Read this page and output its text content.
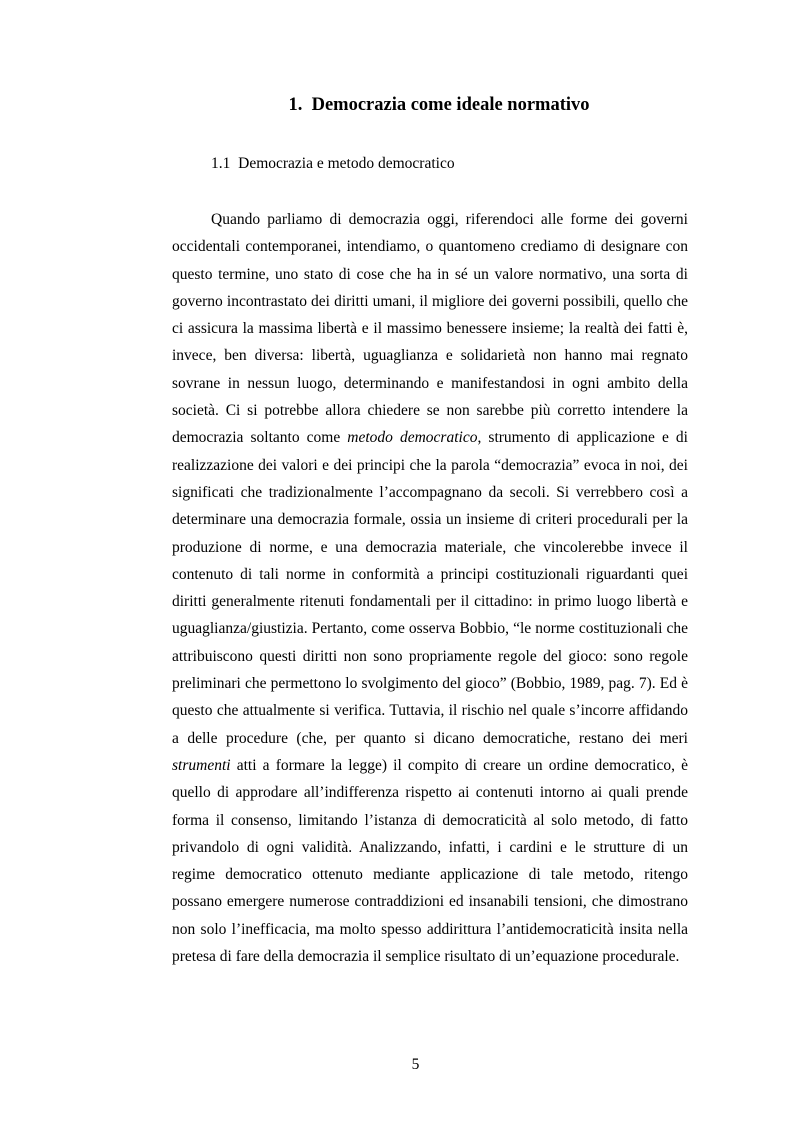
1. Democrazia come ideale normativo
1.1 Democrazia e metodo democratico

Quando parliamo di democrazia oggi, riferendoci alle forme dei governi occidentali contemporanei, intendiamo, o quantomeno crediamo di designare con questo termine, uno stato di cose che ha in sé un valore normativo, una sorta di governo incontrastato dei diritti umani, il migliore dei governi possibili, quello che ci assicura la massima libertà e il massimo benessere insieme; la realtà dei fatti è, invece, ben diversa: libertà, uguaglianza e solidarietà non hanno mai regnato sovrane in nessun luogo, determinando e manifestandosi in ogni ambito della società. Ci si potrebbe allora chiedere se non sarebbe più corretto intendere la democrazia soltanto come metodo democratico, strumento di applicazione e di realizzazione dei valori e dei principi che la parola “democrazia” evoca in noi, dei significati che tradizionalmente l’accompagnano da secoli. Si verrebbero così a determinare una democrazia formale, ossia un insieme di criteri procedurali per la produzione di norme, e una democrazia materiale, che vincolerebbe invece il contenuto di tali norme in conformità a principi costituzionali riguardanti quei diritti generalmente ritenuti fondamentali per il cittadino: in primo luogo libertà e uguaglianza/giustizia. Pertanto, come osserva Bobbio, “le norme costituzionali che attribuiscono questi diritti non sono propriamente regole del gioco: sono regole preliminari che permettono lo svolgimento del gioco” (Bobbio, 1989, pag. 7). Ed è questo che attualmente si verifica. Tuttavia, il rischio nel quale s’incorre affidando a delle procedure (che, per quanto si dicano democratiche, restano dei meri strumenti atti a formare la legge) il compito di creare un ordine democratico, è quello di approdare all’indifferenza rispetto ai contenuti intorno ai quali prende forma il consenso, limitando l’istanza di democraticità al solo metodo, di fatto privandolo di ogni validità. Analizzando, infatti, i cardini e le strutture di un regime democratico ottenuto mediante applicazione di tale metodo, ritengo possano emergere numerose contraddizioni ed insanabili tensioni, che dimostrano non solo l’inefficacia, ma molto spesso addirittura l’antidemocraticità insita nella pretesa di fare della democrazia il semplice risultato di un’equazione procedurale.

5
